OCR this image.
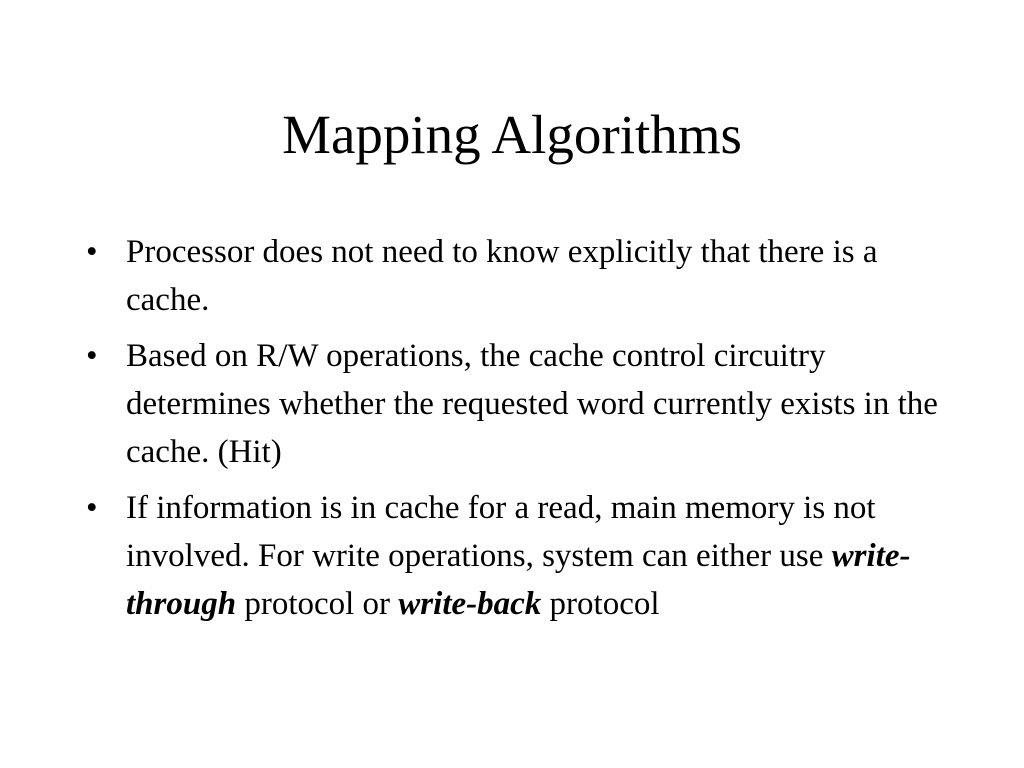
Mapping Algorithms
• Processor does not need to know explicitly that there is a cache.
• Based on R/W operations, the cache control circuitry determines whether the requested word currently exists in the cache. (Hit)
• If information is in cache for a read, main memory is not involved. For write operations, system can either use write-through protocol or write-back protocol
